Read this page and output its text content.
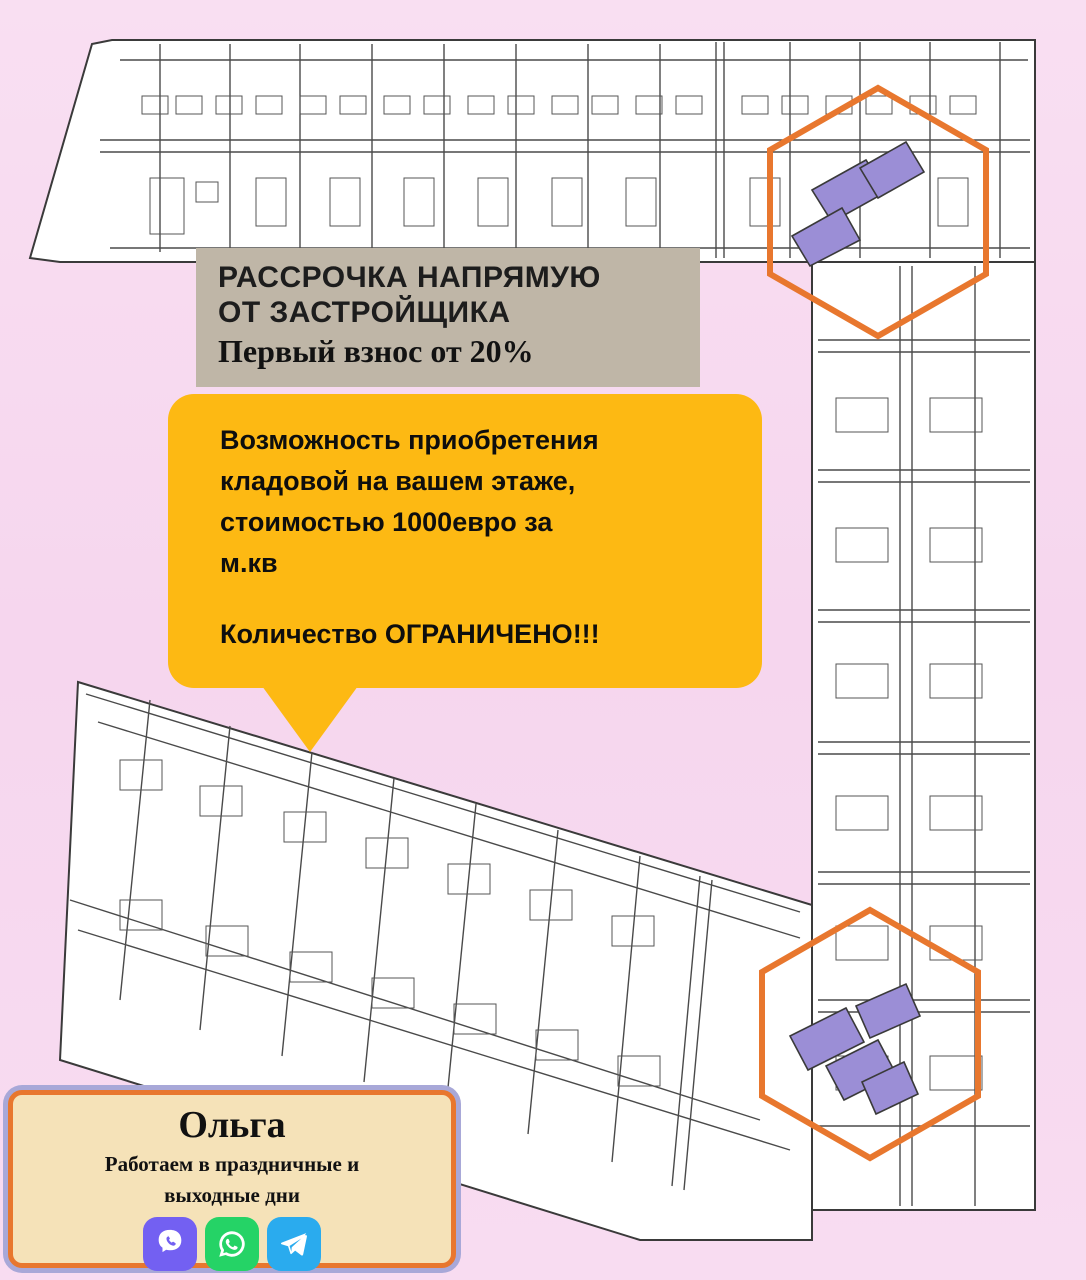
РАССРОЧКА НАПРЯМУЮ
ОТ ЗАСТРОЙЩИКА
Первый взнос от 20%

Возможность приобретения

кладовой на вашем этаже,

стоимостью 1000евро за

м.кв

Количество ОГРАНИЧЕНО!!!

Ольга
Работаем в праздничные и
выходные дни
